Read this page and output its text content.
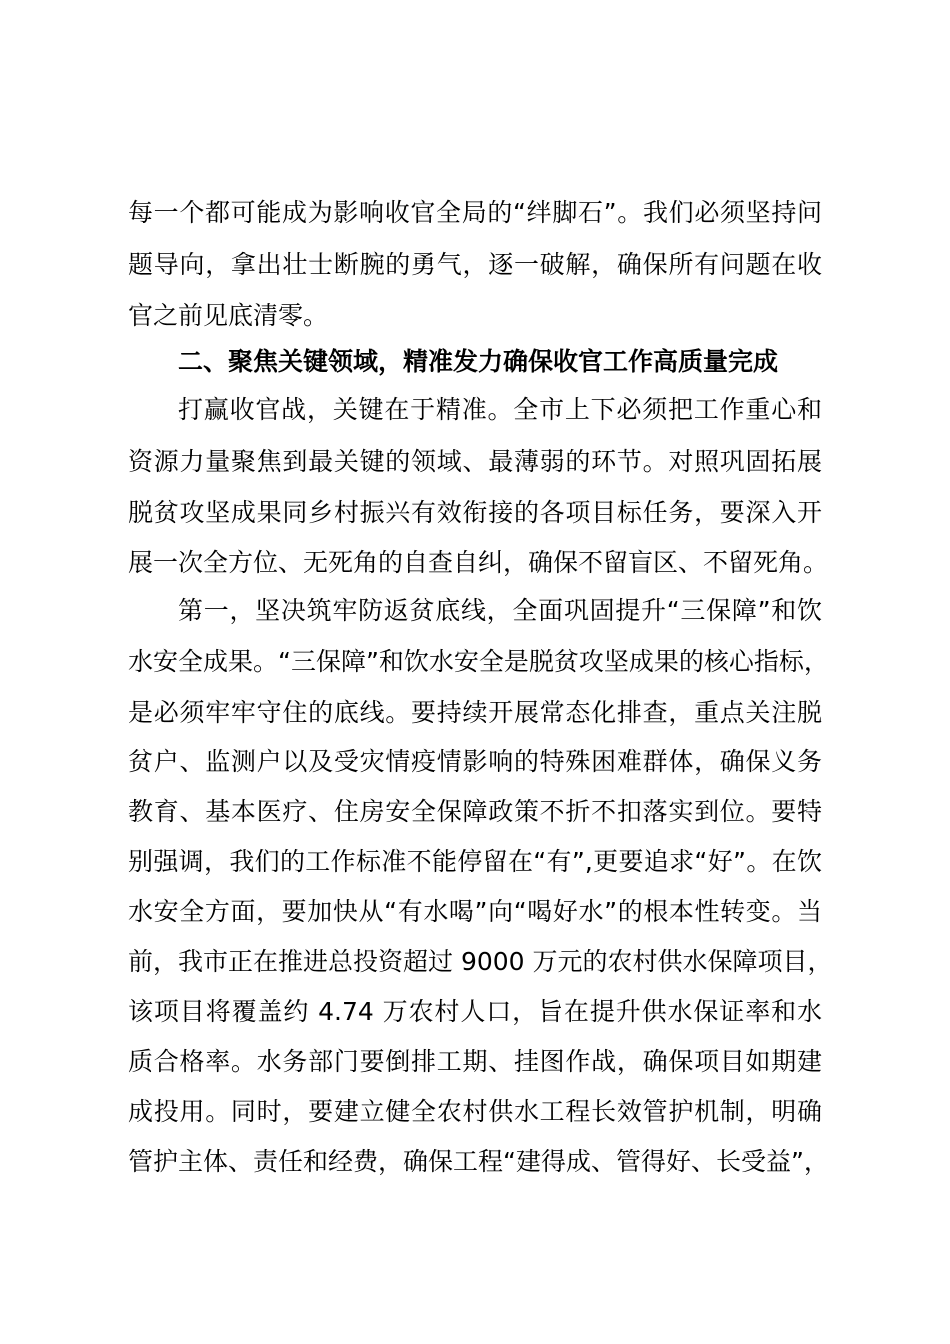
每一个都可能成为影响收官全局的“绊脚石”。我们必须坚持问
题导向，拿出壮士断腕的勇气，逐一破解，确保所有问题在收
官之前见底清零。
二、聚焦关键领域，精准发力确保收官工作高质量完成
打赢收官战，关键在于精准。全市上下必须把工作重心和
资源力量聚焦到最关键的领域、最薄弱的环节。对照巩固拓展
脱贫攻坚成果同乡村振兴有效衔接的各项目标任务，要深入开
展一次全方位、无死角的自查自纠，确保不留盲区、不留死角。
第一，坚决筑牢防返贫底线，全面巩固提升“三保障”和饮
水安全成果。“三保障”和饮水安全是脱贫攻坚成果的核心指标，
是必须牢牢守住的底线。要持续开展常态化排查，重点关注脱
贫户、监测户以及受灾情疫情影响的特殊困难群体，确保义务
教育、基本医疗、住房安全保障政策不折不扣落实到位。要特
别强调，我们的工作标准不能停留在“有”,更要追求“好”。在饮
水安全方面，要加快从“有水喝”向“喝好水”的根本性转变。当
前，我市正在推进总投资超过 9000 万元的农村供水保障项目，
该项目将覆盖约 4.74 万农村人口，旨在提升供水保证率和水
质合格率。水务部门要倒排工期、挂图作战，确保项目如期建
成投用。同时，要建立健全农村供水工程长效管护机制，明确
管护主体、责任和经费，确保工程“建得成、管得好、长受益”，
